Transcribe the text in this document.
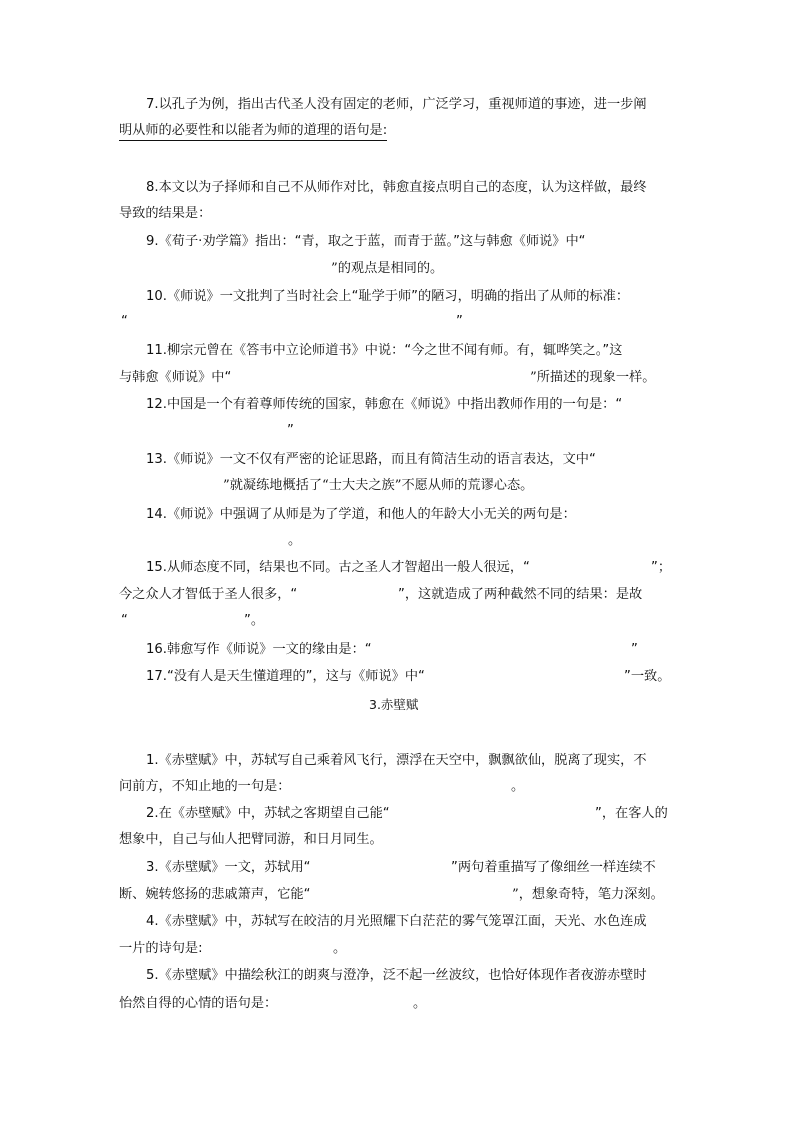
7.以孔子为例，指出古代圣人没有固定的老师，广泛学习，重视师道的事迹，进一步阐
明从师的必要性和以能者为师的道理的语句是:
8.本文以为子择师和自己不从师作对比，韩愈直接点明自己的态度，认为这样做，最终
导致的结果是：
9.《荀子·劝学篇》指出：“青，取之于蓝，而青于蓝。”这与韩愈《师说》中“
”的观点是相同的。
10.《师说》一文批判了当时社会上“耻学于师”的陋习，明确的指出了从师的标准：
“	”
11.柳宗元曾在《答韦中立论师道书》中说：“今之世不闻有师。有，辄哗笑之。”这
与韩愈《师说》中“	”所描述的现象一样。
12.中国是一个有着尊师传统的国家，韩愈在《师说》中指出教师作用的一句是：“
”
13.《师说》一文不仅有严密的论证思路，而且有简洁生动的语言表达，文中“
”就凝练地概括了“士大夫之族”不愿从师的荒谬心态。
14.《师说》中强调了从师是为了学道，和他人的年龄大小无关的两句是：
。
15.从师态度不同，结果也不同。古之圣人才智超出一般人很远，“	”；
今之众人才智低于圣人很多，“	”，这就造成了两种截然不同的结果：是故
“	”。
16.韩愈写作《师说》一文的缘由是：“	”
17.“没有人是天生懂道理的”，这与《师说》中“	”一致。
3.赤壁赋
1.《赤壁赋》中，苏轼写自己乘着风飞行，漂浮在天空中，飘飘欲仙，脱离了现实，不
问前方，不知止地的一句是：	。
2.在《赤壁赋》中，苏轼之客期望自己能“	”，在客人的
想象中，自己与仙人把臂同游，和日月同生。
3.《赤壁赋》一文，苏轼用“	”两句着重描写了像细丝一样连续不
断、婉转悠扬的悲戚箫声，它能“	”，想象奇特，笔力深刻。
4.《赤壁赋》中，苏轼写在皎洁的月光照耀下白茫茫的雾气笼罩江面，天光、水色连成
一片的诗句是:	。
5.《赤壁赋》中描绘秋江的朗爽与澄净，泛不起一丝波纹，也恰好体现作者夜游赤壁时
怡然自得的心情的语句是：	。
